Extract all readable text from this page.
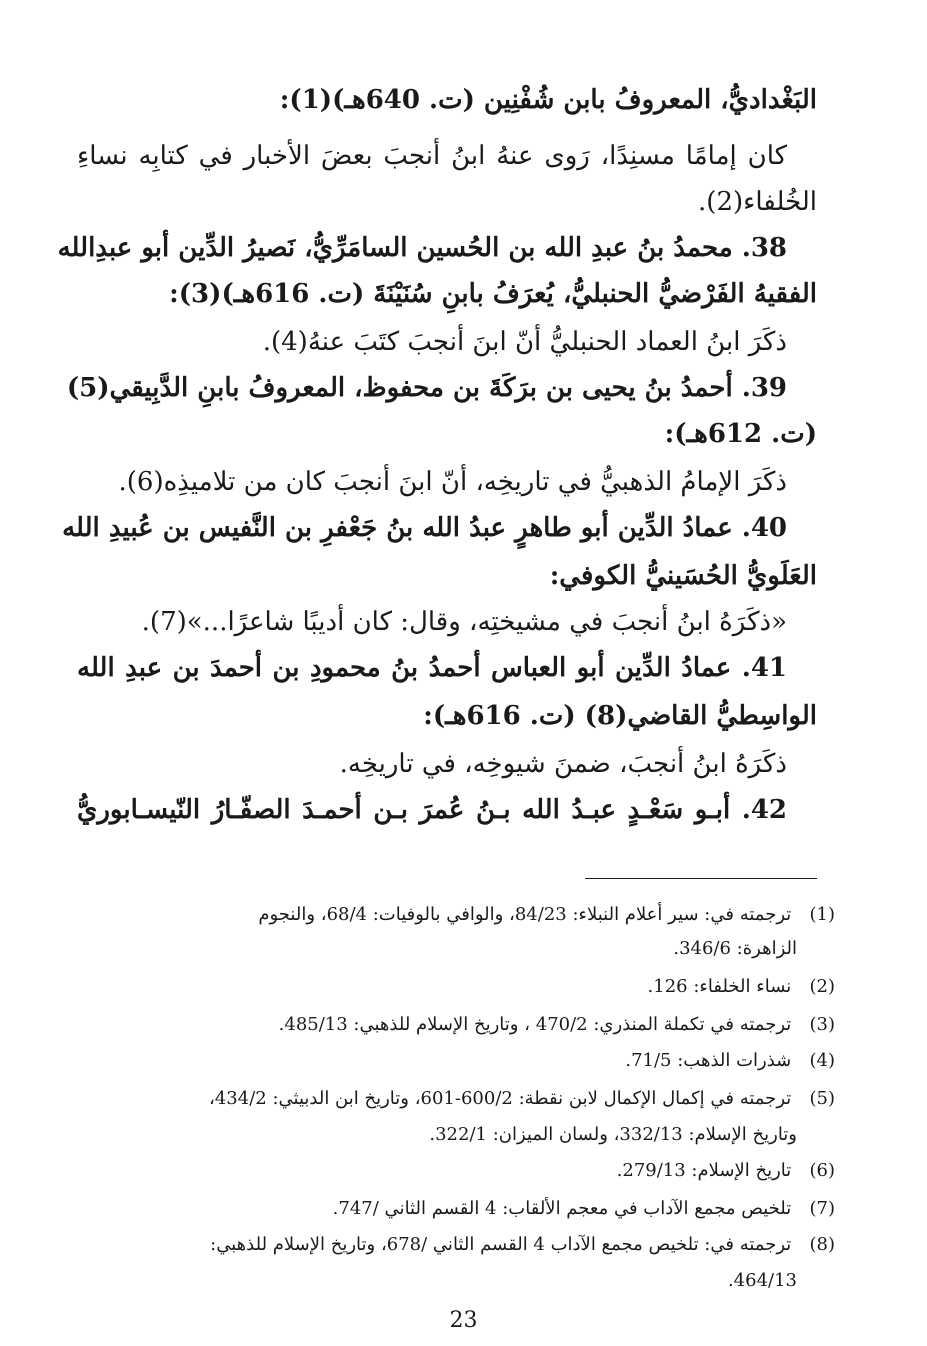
البَغْداديُّ، المعروفُ بابن شُفْنِين (ت. 640هـ)(1):
كان إمامًا مسنِدًا، رَوى عنهُ ابنُ أنجبَ بعضَ الأخبار في كتابِه نساءِ
الخُلفاء(2).
38. محمدُ بنُ عبدِ الله بن الحُسين السامَرِّيُّ، نَصيرُ الدِّين أبو عبدِالله
الفقيهُ الفَرْضيُّ الحنبليُّ، يُعرَفُ بابنِ سُنَيْنَةَ (ت. 616هـ)(3):
ذكَرَ ابنُ العماد الحنبليُّ أنّ ابنَ أنجبَ كتَبَ عنهُ(4).
39. أحمدُ بنُ يحيى بن برَكَةَ بن محفوظ، المعروفُ بابنِ الدَّبِيقي(5)
(ت. 612هـ):
ذكَرَ الإمامُ الذهبيُّ في تاريخِه، أنّ ابنَ أنجبَ كان من تلاميذِه(6).
40. عمادُ الدِّين أبو طاهرٍ عبدُ الله بنُ جَعْفرِ بن النَّفيس بن عُبيدِ الله
العَلَويُّ الحُسَينيُّ الكوفي:
«ذكَرَهُ ابنُ أنجبَ في مشيختِه، وقال: كان أديبًا شاعرًا...»(7).
41. عمادُ الدِّين أبو العباس أحمدُ بنُ محمودِ بن أحمدَ بن عبدِ الله
الواسِطيُّ القاضي(8) (ت. 616هـ):
ذكَرَهُ ابنُ أنجبَ، ضمنَ شيوخِه، في تاريخِه.
42. أبـو سَعْـدٍ عبـدُ الله بـنُ عُمرَ بـن أحمـدَ الصفّـارُ النّيسـابوريُّ
(1) ترجمته في: سير أعلام النبلاء: 84/23، والوافي بالوفيات: 68/4، والنجوم
الزاهرة: 346/6.
(2) نساء الخلفاء: 126.
(3) ترجمته في تكملة المنذري: 470/2 ، وتاريخ الإسلام للذهبي: 485/13.
(4) شذرات الذهب: 71/5.
(5) ترجمته في إكمال الإكمال لابن نقطة: 600/2-601، وتاريخ ابن الدبيثي: 434/2،
وتاريخ الإسلام: 332/13، ولسان الميزان: 322/1.
(6) تاريخ الإسلام: 279/13.
(7) تلخيص مجمع الآداب في معجم الألقاب: 4 القسم الثاني /747.
(8) ترجمته في: تلخيص مجمع الآداب 4 القسم الثاني /678، وتاريخ الإسلام للذهبي:
464/13.
23
